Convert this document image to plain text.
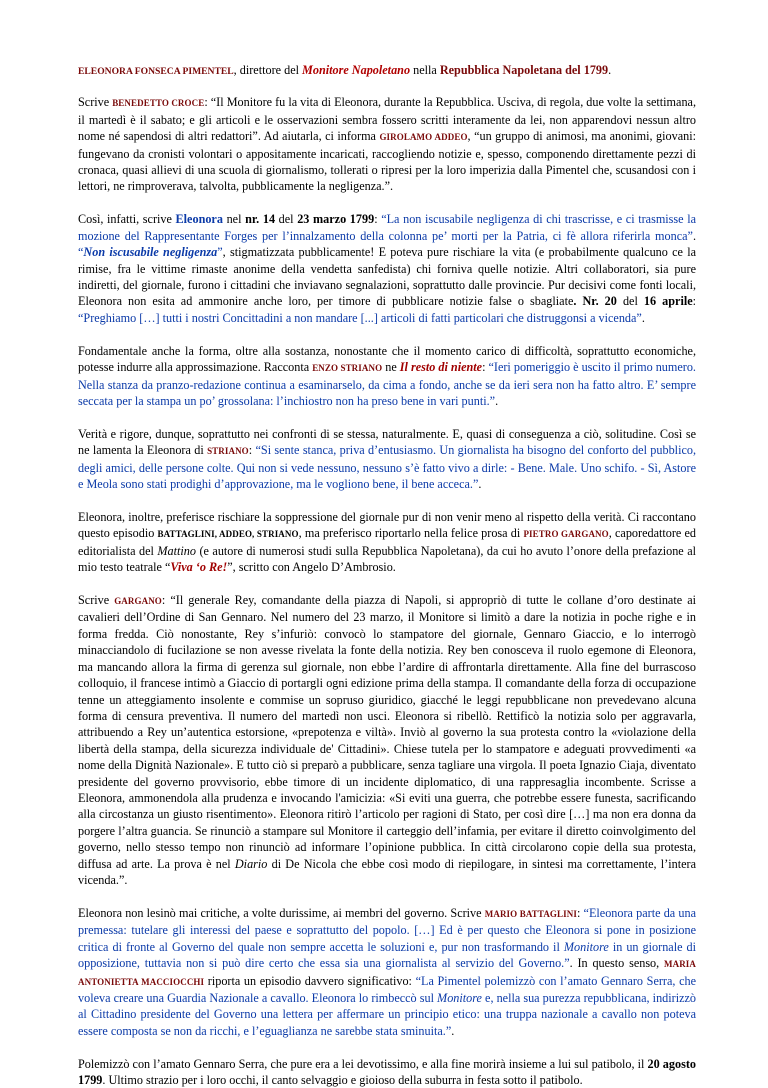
ELEONORA FONSECA PIMENTEL, direttore del Monitore Napoletano nella Repubblica Napoletana del 1799.

Scrive BENEDETTO CROCE: “Il Monitore fu la vita di Eleonora, durante la Repubblica. Usciva, di regola, due volte la settimana, il martedì è il sabato; e gli articoli e le osservazioni sembra fossero scritti interamente da lei, non apparendovi nessun altro nome né sapendosi di altri redattori”. Ad aiutarla, ci informa GIROLAMO ADDEO, “un gruppo di animosi, ma anonimi, giovani: fungevano da cronisti volontari o appositamente incaricati, raccogliendo notizie e, spesso, componendo direttamente pezzi di cronaca, quasi allievi di una scuola di giornalismo, tollerati o ripresi per la loro imperizia dalla Pimentel che, scusandosi con i lettori, ne rimproverava, talvolta, pubblicamente la negligenza.”.

Così, infatti, scrive Eleonora nel nr. 14 del 23 marzo 1799: “La non iscusabile negligenza di chi trascrisse, e ci trasmisse la mozione del Rappresentante Forges per l’innalzamento della colonna pe’ morti per la Patria, ci fè allora riferirla monca”. “Non iscusabile negligenza”, stigmatizzata pubblicamente! E poteva pure rischiare la vita (e probabilmente qualcuno ce la rimise, fra le vittime rimaste anonime della vendetta sanfedista) chi forniva quelle notizie. Altri collaboratori, sia pure indiretti, del giornale, furono i cittadini che inviavano segnalazioni, soprattutto dalle provincie. Pur decisivi come fonti locali, Eleonora non esita ad ammonire anche loro, per timore di pubblicare notizie false o sbagliate. Nr. 20 del 16 aprile: “Preghiamo […] tutti i nostri Concittadini a non mandare [...] articoli di fatti particolari che distruggonsi a vicenda”.

Fondamentale anche la forma, oltre alla sostanza, nonostante che il momento carico di difficoltà, soprattutto economiche, potesse indurre alla approssimazione. Racconta ENZO STRIANO ne Il resto di niente: “Ieri pomeriggio è uscito il primo numero. Nella stanza da pranzo-redazione continua a esaminarselo, da cima a fondo, anche se da ieri sera non ha fatto altro. E’ sempre seccata per la stampa un po’ grossolana: l’inchiostro non ha preso bene in vari punti.”.

Verità e rigore, dunque, soprattutto nei confronti di se stessa, naturalmente. E, quasi di conseguenza a ciò, solitudine. Così se ne lamenta la Eleonora di STRIANO: “Si sente stanca, priva d’entusiasmo. Un giornalista ha bisogno del conforto del pubblico, degli amici, delle persone colte. Qui non si vede nessuno, nessuno s’è fatto vivo a dirle: - Bene. Male. Uno schifo. - Sì, Astore e Meola sono stati prodighi d’approvazione, ma le vogliono bene, il bene acceca.”.

Eleonora, inoltre, preferisce rischiare la soppressione del giornale pur di non venir meno al rispetto della verità. Ci raccontano questo episodio BATTAGLINI, ADDEO, STRIANO, ma preferisco riportarlo nella felice prosa di PIETRO GARGANO, caporedattore ed editorialista del Mattino (e autore di numerosi studi sulla Repubblica Napoletana), da cui ho avuto l’onore della prefazione al mio testo teatrale “Viva ‘o Re!”, scritto con Angelo D’Ambrosio.

Scrive GARGANO: “Il generale Rey, comandante della piazza di Napoli, si appropriò di tutte le collane d’oro destinate ai cavalieri dell’Ordine di San Gennaro. Nel numero del 23 marzo, il Monitore si limitò a dare la notizia in poche righe e in forma fredda. Ciò nonostante, Rey s’infuriò: convocò lo stampatore del giornale, Gennaro Giaccio, e lo interrogò minacciandolo di fucilazione se non avesse rivelata la fonte della notizia. Rey ben conosceva il ruolo egemone di Eleonora, ma mancando allora la firma di gerenza sul giornale, non ebbe l’ardire di affrontarla direttamente. Alla fine del burrascoso colloquio, il francese intimò a Giaccio di portargli ogni edizione prima della stampa. Il comandante della forza di occupazione tenne un atteggiamento insolente e commise un sopruso giuridico, giacché le leggi repubblicane non prevedevano alcuna forma di censura preventiva. Il numero del martedì non usci. Eleonora si ribellò. Rettificò la notizia solo per aggravarla, attribuendo a Rey un’autentica estorsione, «prepotenza e viltà». Inviò al governo la sua protesta contro la «violazione della libertà della stampa, della sicurezza individuale de' Cittadini». Chiese tutela per lo stampatore e adeguati provvedimenti «a nome della Dignità Nazionale». E tutto ciò si preparò a pubblicare, senza tagliare una virgola. Il poeta Ignazio Ciaja, diventato presidente del governo provvisorio, ebbe timore di un incidente diplomatico, di una rappresaglia incombente. Scrisse a Eleonora, ammonendola alla prudenza e invocando l'amicizia: «Si eviti una guerra, che potrebbe essere funesta, sacrificando alla circostanza un giusto risentimento». Eleonora ritirò l’articolo per ragioni di Stato, per così dire […] ma non era donna da porgere l’altra guancia. Se rinunciò a stampare sul Monitore il carteggio dell’infamia, per evitare il diretto coinvolgimento del governo, nello stesso tempo non rinunciò ad informare l’opinione pubblica. In città circolarono copie della sua protesta, diffusa ad arte. La prova è nel Diario di De Nicola che ebbe così modo di riepilogare, in sintesi ma correttamente, l’intera vicenda.”.

Eleonora non lesinò mai critiche, a volte durissime, ai membri del governo. Scrive MARIO BATTAGLINI: “Eleonora parte da una premessa: tutelare gli interessi del paese e soprattutto del popolo. […] Ed è per questo che Eleonora si pone in posizione critica di fronte al Governo del quale non sempre accetta le soluzioni e, pur non trasformando il Monitore in un giornale di opposizione, tuttavia non si può dire certo che essa sia una giornalista al servizio del Governo.”. In questo senso, MARIA ANTONIETTA MACCIOCCHI riporta un episodio davvero significativo: “La Pimentel polemizzò con l’amato Gennaro Serra, che voleva creare una Guardia Nazionale a cavallo. Eleonora lo rimbeccò sul Monitore e, nella sua purezza repubblicana, indirizzò al Cittadino presidente del Governo una lettera per affermare un principio etico: una truppa nazionale a cavallo non poteva essere composta se non da ricchi, e l’eguaglianza ne sarebbe stata sminuita.”.

Polemizzò con l’amato Gennaro Serra, che pure era a lei devotissimo, e alla fine morirà insieme a lui sul patibolo, il 20 agosto 1799. Ultimo strazio per i loro occhi, il canto selvaggio e gioioso della suburra in festa sotto il patibolo.
